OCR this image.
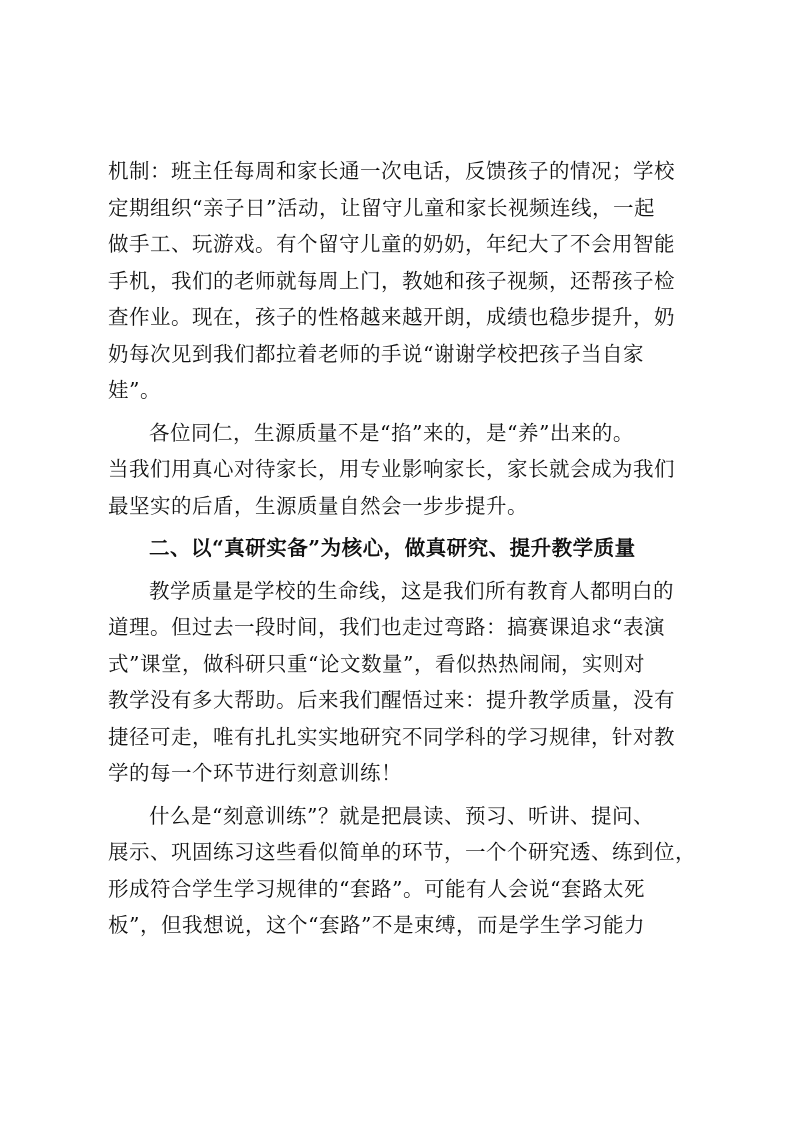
机制：班主任每周和家长通一次电话，反馈孩子的情况；学校
定期组织“亲子日”活动，让留守儿童和家长视频连线，一起
做手工、玩游戏。有个留守儿童的奶奶，年纪大了不会用智能
手机，我们的老师就每周上门，教她和孩子视频，还帮孩子检
查作业。现在，孩子的性格越来越开朗，成绩也稳步提升，奶
奶每次见到我们都拉着老师的手说“谢谢学校把孩子当自家
娃”。
各位同仁，生源质量不是“掐”来的，是“养”出来的。
当我们用真心对待家长，用专业影响家长，家长就会成为我们
最坚实的后盾，生源质量自然会一步步提升。
二、以“真研实备”为核心，做真研究、提升教学质量
教学质量是学校的生命线，这是我们所有教育人都明白的
道理。但过去一段时间，我们也走过弯路：搞赛课追求“表演
式”课堂，做科研只重“论文数量”，看似热热闹闹，实则对
教学没有多大帮助。后来我们醒悟过来：提升教学质量，没有
捷径可走，唯有扎扎实实地研究不同学科的学习规律，针对教
学的每一个环节进行刻意训练！
什么是“刻意训练”？就是把晨读、预习、听讲、提问、
展示、巩固练习这些看似简单的环节，一个个研究透、练到位，
形成符合学生学习规律的“套路”。可能有人会说“套路太死
板”，但我想说，这个“套路”不是束缚，而是学生学习能力
